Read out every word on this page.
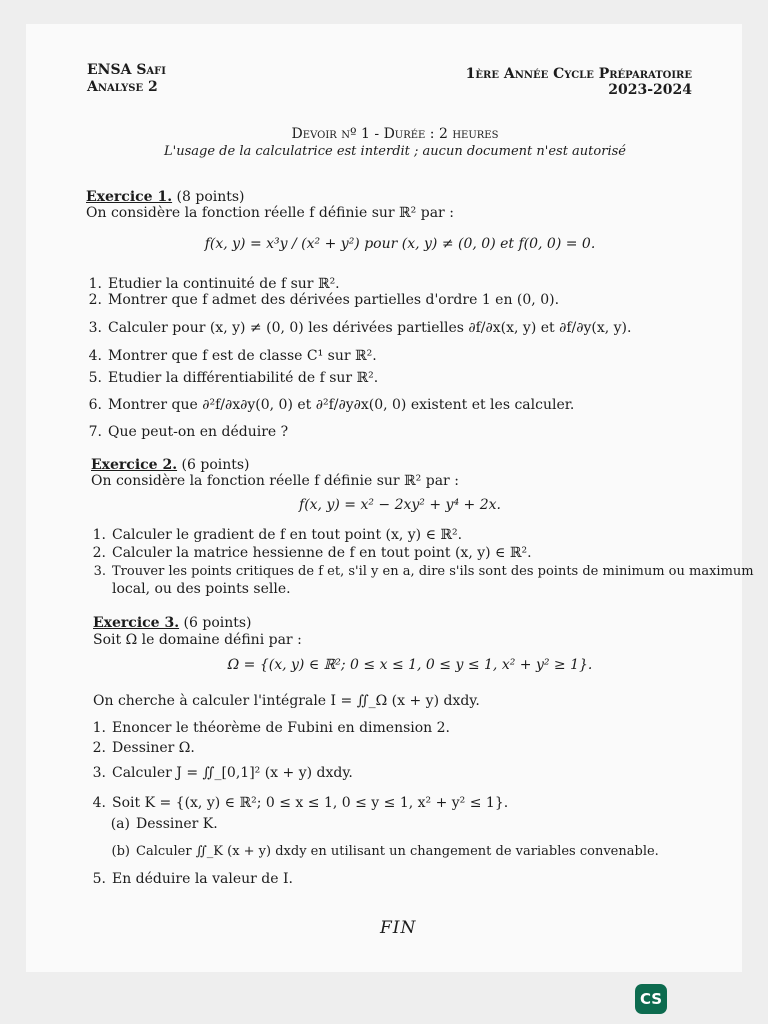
ENSA Safi
Analyse 2
1ère Année Cycle Préparatoire
2023-2024
Devoir nº 1 - Durée : 2 heures
L'usage de la calculatrice est interdit ; aucun document n'est autorisé
Exercice 1. (8 points)
On considère la fonction réelle f définie sur ℝ² par :
f(x, y) = x³y / (x² + y²) pour (x, y) ≠ (0, 0) et f(0, 0) = 0.
1. Etudier la continuité de f sur ℝ².
2. Montrer que f admet des dérivées partielles d'ordre 1 en (0, 0).
3. Calculer pour (x, y) ≠ (0, 0) les dérivées partielles ∂f/∂x(x, y) et ∂f/∂y(x, y).
4. Montrer que f est de classe C¹ sur ℝ².
5. Etudier la différentiabilité de f sur ℝ².
6. Montrer que ∂²f/∂x∂y(0, 0) et ∂²f/∂y∂x(0, 0) existent et les calculer.
7. Que peut-on en déduire ?
Exercice 2. (6 points)
On considère la fonction réelle f définie sur ℝ² par :
f(x, y) = x² − 2xy² + y⁴ + 2x.
1. Calculer le gradient de f en tout point (x, y) ∈ ℝ².
2. Calculer la matrice hessienne de f en tout point (x, y) ∈ ℝ².
3. Trouver les points critiques de f et, s'il y en a, dire s'ils sont des points de minimum ou maximum
local, ou des points selle.
Exercice 3. (6 points)
Soit Ω le domaine défini par :
Ω = {(x, y) ∈ ℝ²; 0 ≤ x ≤ 1, 0 ≤ y ≤ 1, x² + y² ≥ 1}.
On cherche à calculer l'intégrale I = ∬_Ω (x + y) dxdy.
1. Enoncer le théorème de Fubini en dimension 2.
2. Dessiner Ω.
3. Calculer J = ∬_[0,1]² (x + y) dxdy.
4. Soit K = {(x, y) ∈ ℝ²; 0 ≤ x ≤ 1, 0 ≤ y ≤ 1, x² + y² ≤ 1}.
(a) Dessiner K.
(b) Calculer ∬_K (x + y) dxdy en utilisant un changement de variables convenable.
5. En déduire la valeur de I.
FIN
CS
